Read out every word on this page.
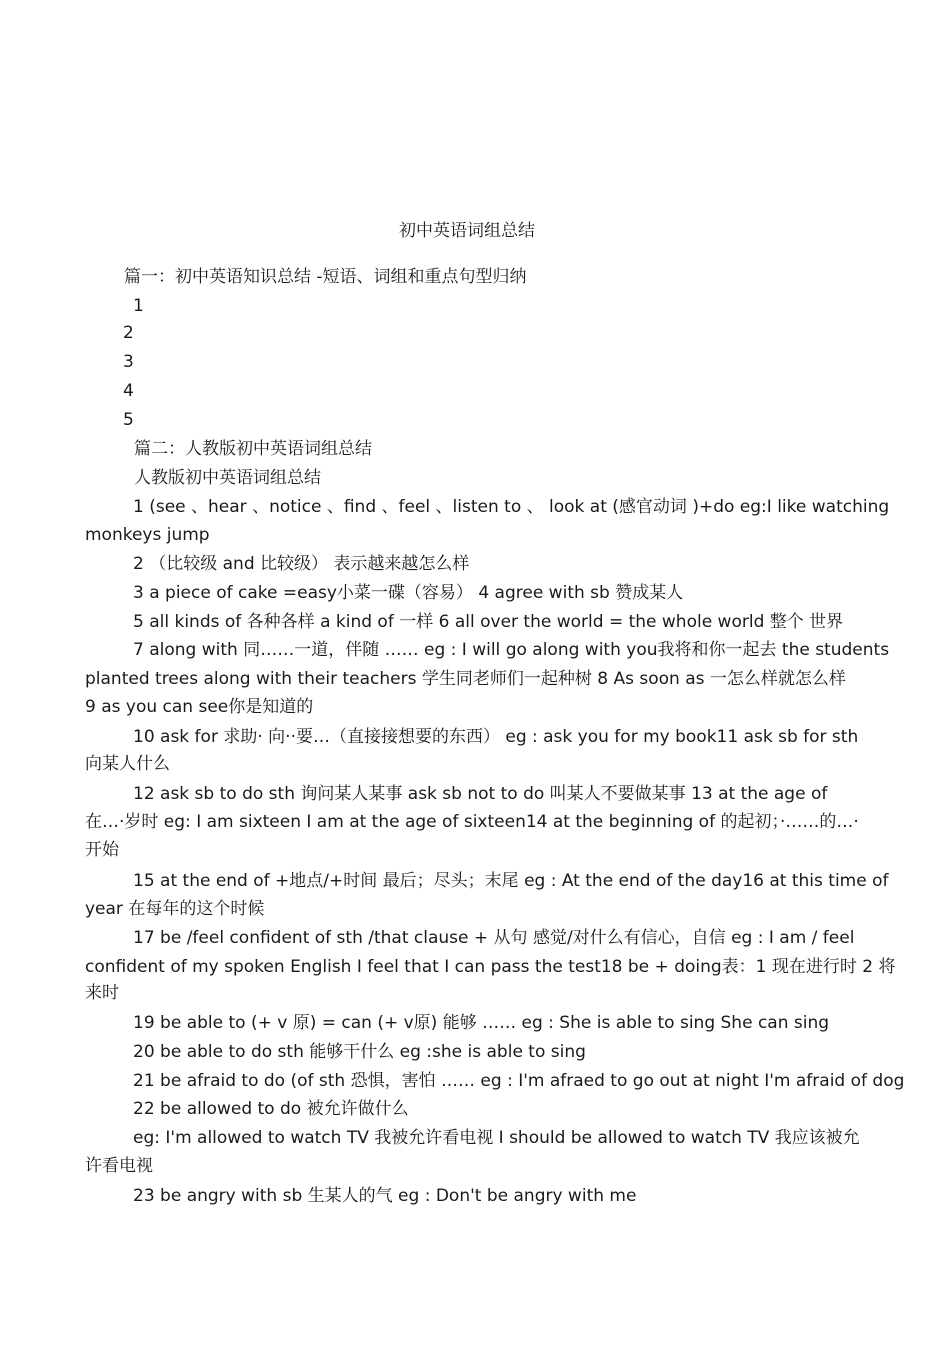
初中英语词组总结
篇一：初中英语知识总结 -短语、词组和重点句型归纳
1
2
3
4
5
篇二：人教版初中英语词组总结
人教版初中英语词组总结
1 (see 、hear 、notice 、find 、feel 、listen to 、 look at (感官动词 )+do eg:I like watching
monkeys jump
2 （比较级 and 比较级） 表示越来越怎么样
3 a piece of cake =easy小菜一碟（容易） 4 agree with sb 赞成某人
5 all kinds of 各种各样 a kind of 一样 6 all over the world = the whole world 整个 世界
7 along with 同……一道，伴随 …… eg : I will go along with you我将和你一起去 the students
planted trees along with their teachers 学生同老师们一起种树 8 As soon as 一怎么样就怎么样
9 as you can see你是知道的
10 ask for 求助· 向··要…（直接接想要的东西） eg : ask you for my book11 ask sb for sth
向某人什么
12 ask sb to do sth 询问某人某事 ask sb not to do 叫某人不要做某事 13 at the age of
在…·岁时 eg: I am sixteen I am at the age of sixteen14 at the beginning of 的起初；·……的…·
开始
15 at the end of +地点/+时间 最后；尽头；末尾 eg : At the end of the day16 at this time of
year 在每年的这个时候
17 be /feel confident of sth /that clause + 从句 感觉/对什么有信心，自信 eg : I am / feel
confident of my spoken English I feel that I can pass the test18 be + doing表：1 现在进行时 2 将
来时
19 be able to (+ v 原) = can (+ v原) 能够 …… eg : She is able to sing She can sing
20 be able to do sth 能够干什么 eg :she is able to sing
21 be afraid to do (of sth 恐惧，害怕 …… eg : I'm afraed to go out at night I'm afraid of dog
22 be allowed to do 被允许做什么
eg: I'm allowed to watch TV 我被允许看电视 I should be allowed to watch TV 我应该被允
许看电视
23 be angry with sb 生某人的气 eg : Don't be angry with me
